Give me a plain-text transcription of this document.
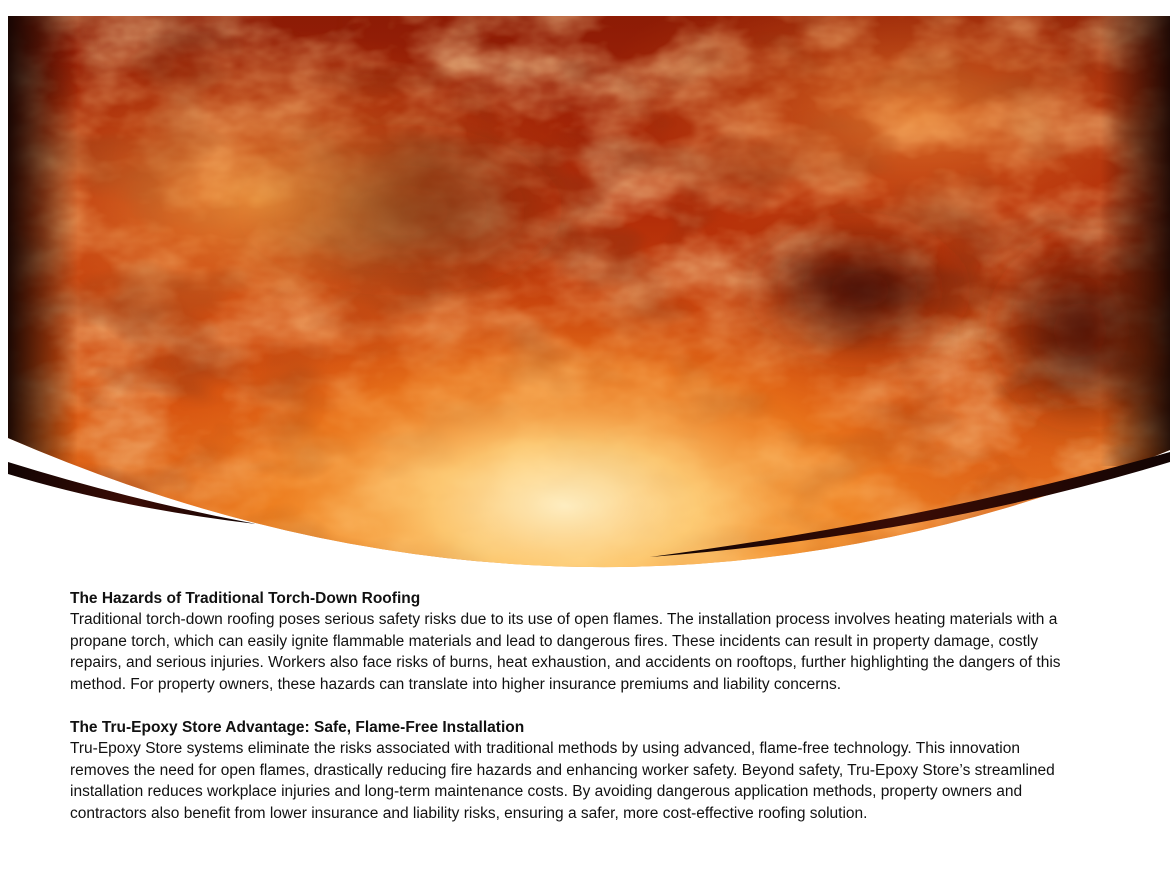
The Hazards of Traditional Torch-Down Roofing

Traditional torch-down roofing poses serious safety risks due to its use of open flames. The installation process involves heating materials with a propane torch, which can easily ignite flammable materials and lead to dangerous fires. These incidents can result in property damage, costly repairs, and serious injuries. Workers also face risks of burns, heat exhaustion, and accidents on rooftops, further highlighting the dangers of this method. For property owners, these hazards can translate into higher insurance premiums and liability concerns.

The Tru-Epoxy Store Advantage: Safe, Flame-Free Installation

Tru-Epoxy Store systems eliminate the risks associated with traditional methods by using advanced, flame-free technology. This innovation removes the need for open flames, drastically reducing fire hazards and enhancing worker safety. Beyond safety, Tru-Epoxy Store’s streamlined installation reduces workplace injuries and long-term maintenance costs. By avoiding dangerous application methods, property owners and contractors also benefit from lower insurance and liability risks, ensuring a safer, more cost-effective roofing solution.
